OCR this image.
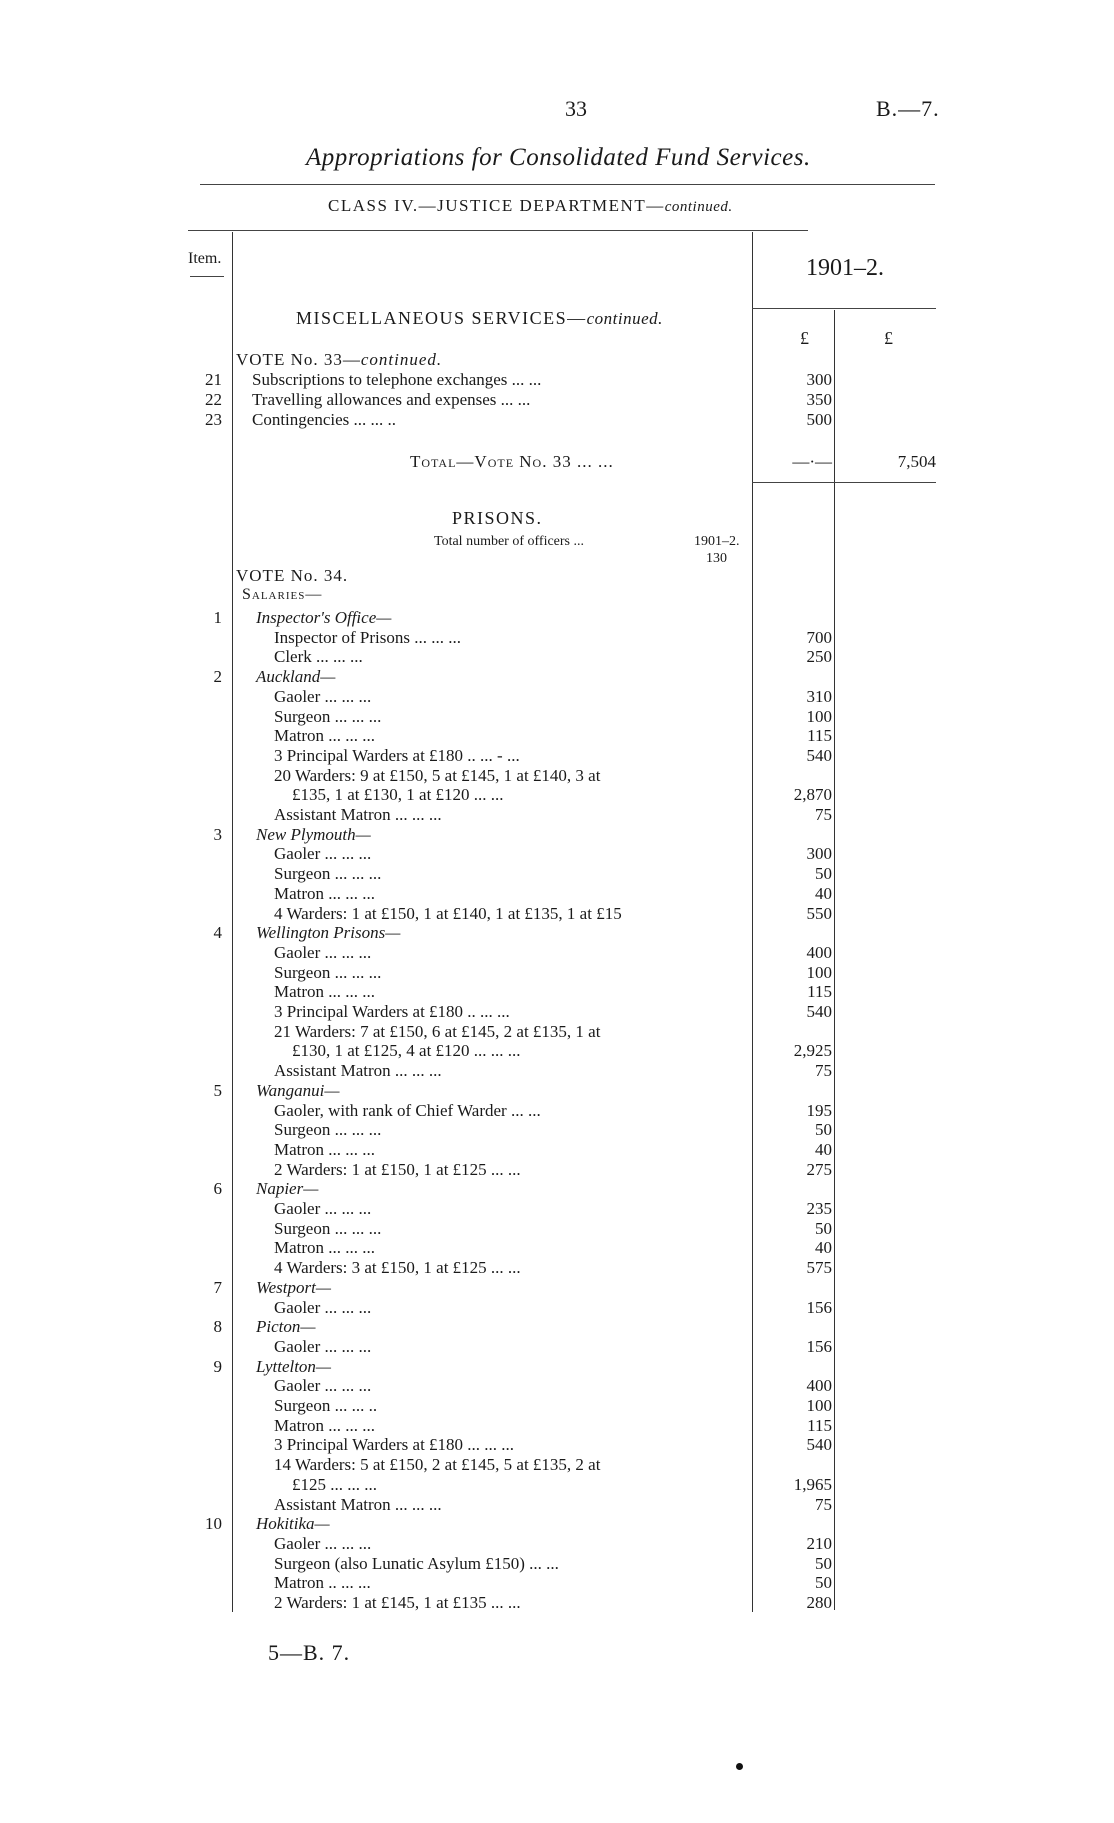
33	B.—7.
Appropriations for Consolidated Fund Services.
CLASS IV.—JUSTICE DEPARTMENT—continued.
Item.	1901–2.
£	£
MISCELLANEOUS SERVICES—continued.
VOTE No. 33—continued.
21 Subscriptions to telephone exchanges ... ...	300
22 Travelling allowances and expenses ... ...	350
23 Contingencies ... ... ..	500
Total—Vote No. 33 ... ...	—·—	7,504
PRISONS.
Total number of officers ...	1901–2.
130
VOTE No. 34.
Salaries—
1 Inspector's Office—
Inspector of Prisons ... ... ...	700
Clerk ... ... ...	250
2 Auckland—
Gaoler ... ... ...	310
Surgeon ... ... ...	100
Matron ... ... ...	115
3 Principal Warders at £180 .. ... - ...	540
20 Warders: 9 at £150, 5 at £145, 1 at £140, 3 at
£135, 1 at £130, 1 at £120 ... ...	2,870
Assistant Matron ... ... ...	75
3 New Plymouth—
Gaoler ... ... ...	300
Surgeon ... ... ...	50
Matron ... ... ...	40
4 Warders: 1 at £150, 1 at £140, 1 at £135, 1 at £15	550
4 Wellington Prisons—
Gaoler ... ... ...	400
Surgeon ... ... ...	100
Matron ... ... ...	115
3 Principal Warders at £180 .. ... ...	540
21 Warders: 7 at £150, 6 at £145, 2 at £135, 1 at
£130, 1 at £125, 4 at £120 ... ... ...	2,925
Assistant Matron ... ... ...	75
5 Wanganui—
Gaoler, with rank of Chief Warder ... ...	195
Surgeon ... ... ...	50
Matron ... ... ...	40
2 Warders: 1 at £150, 1 at £125 ... ...	275
6 Napier—
Gaoler ... ... ...	235
Surgeon ... ... ...	50
Matron ... ... ...	40
4 Warders: 3 at £150, 1 at £125 ... ...	575
7 Westport—
Gaoler ... ... ...	156
8 Picton—
Gaoler ... ... ...	156
9 Lyttelton—
Gaoler ... ... ...	400
Surgeon ... ... ..	100
Matron ... ... ...	115
3 Principal Warders at £180 ... ... ...	540
14 Warders: 5 at £150, 2 at £145, 5 at £135, 2 at
£125 ... ... ...	1,965
Assistant Matron ... ... ...	75
10 Hokitika—
Gaoler ... ... ...	210
Surgeon (also Lunatic Asylum £150) ... ...	50
Matron .. ... ...	50
2 Warders: 1 at £145, 1 at £135 ... ...	280
5—B. 7.
